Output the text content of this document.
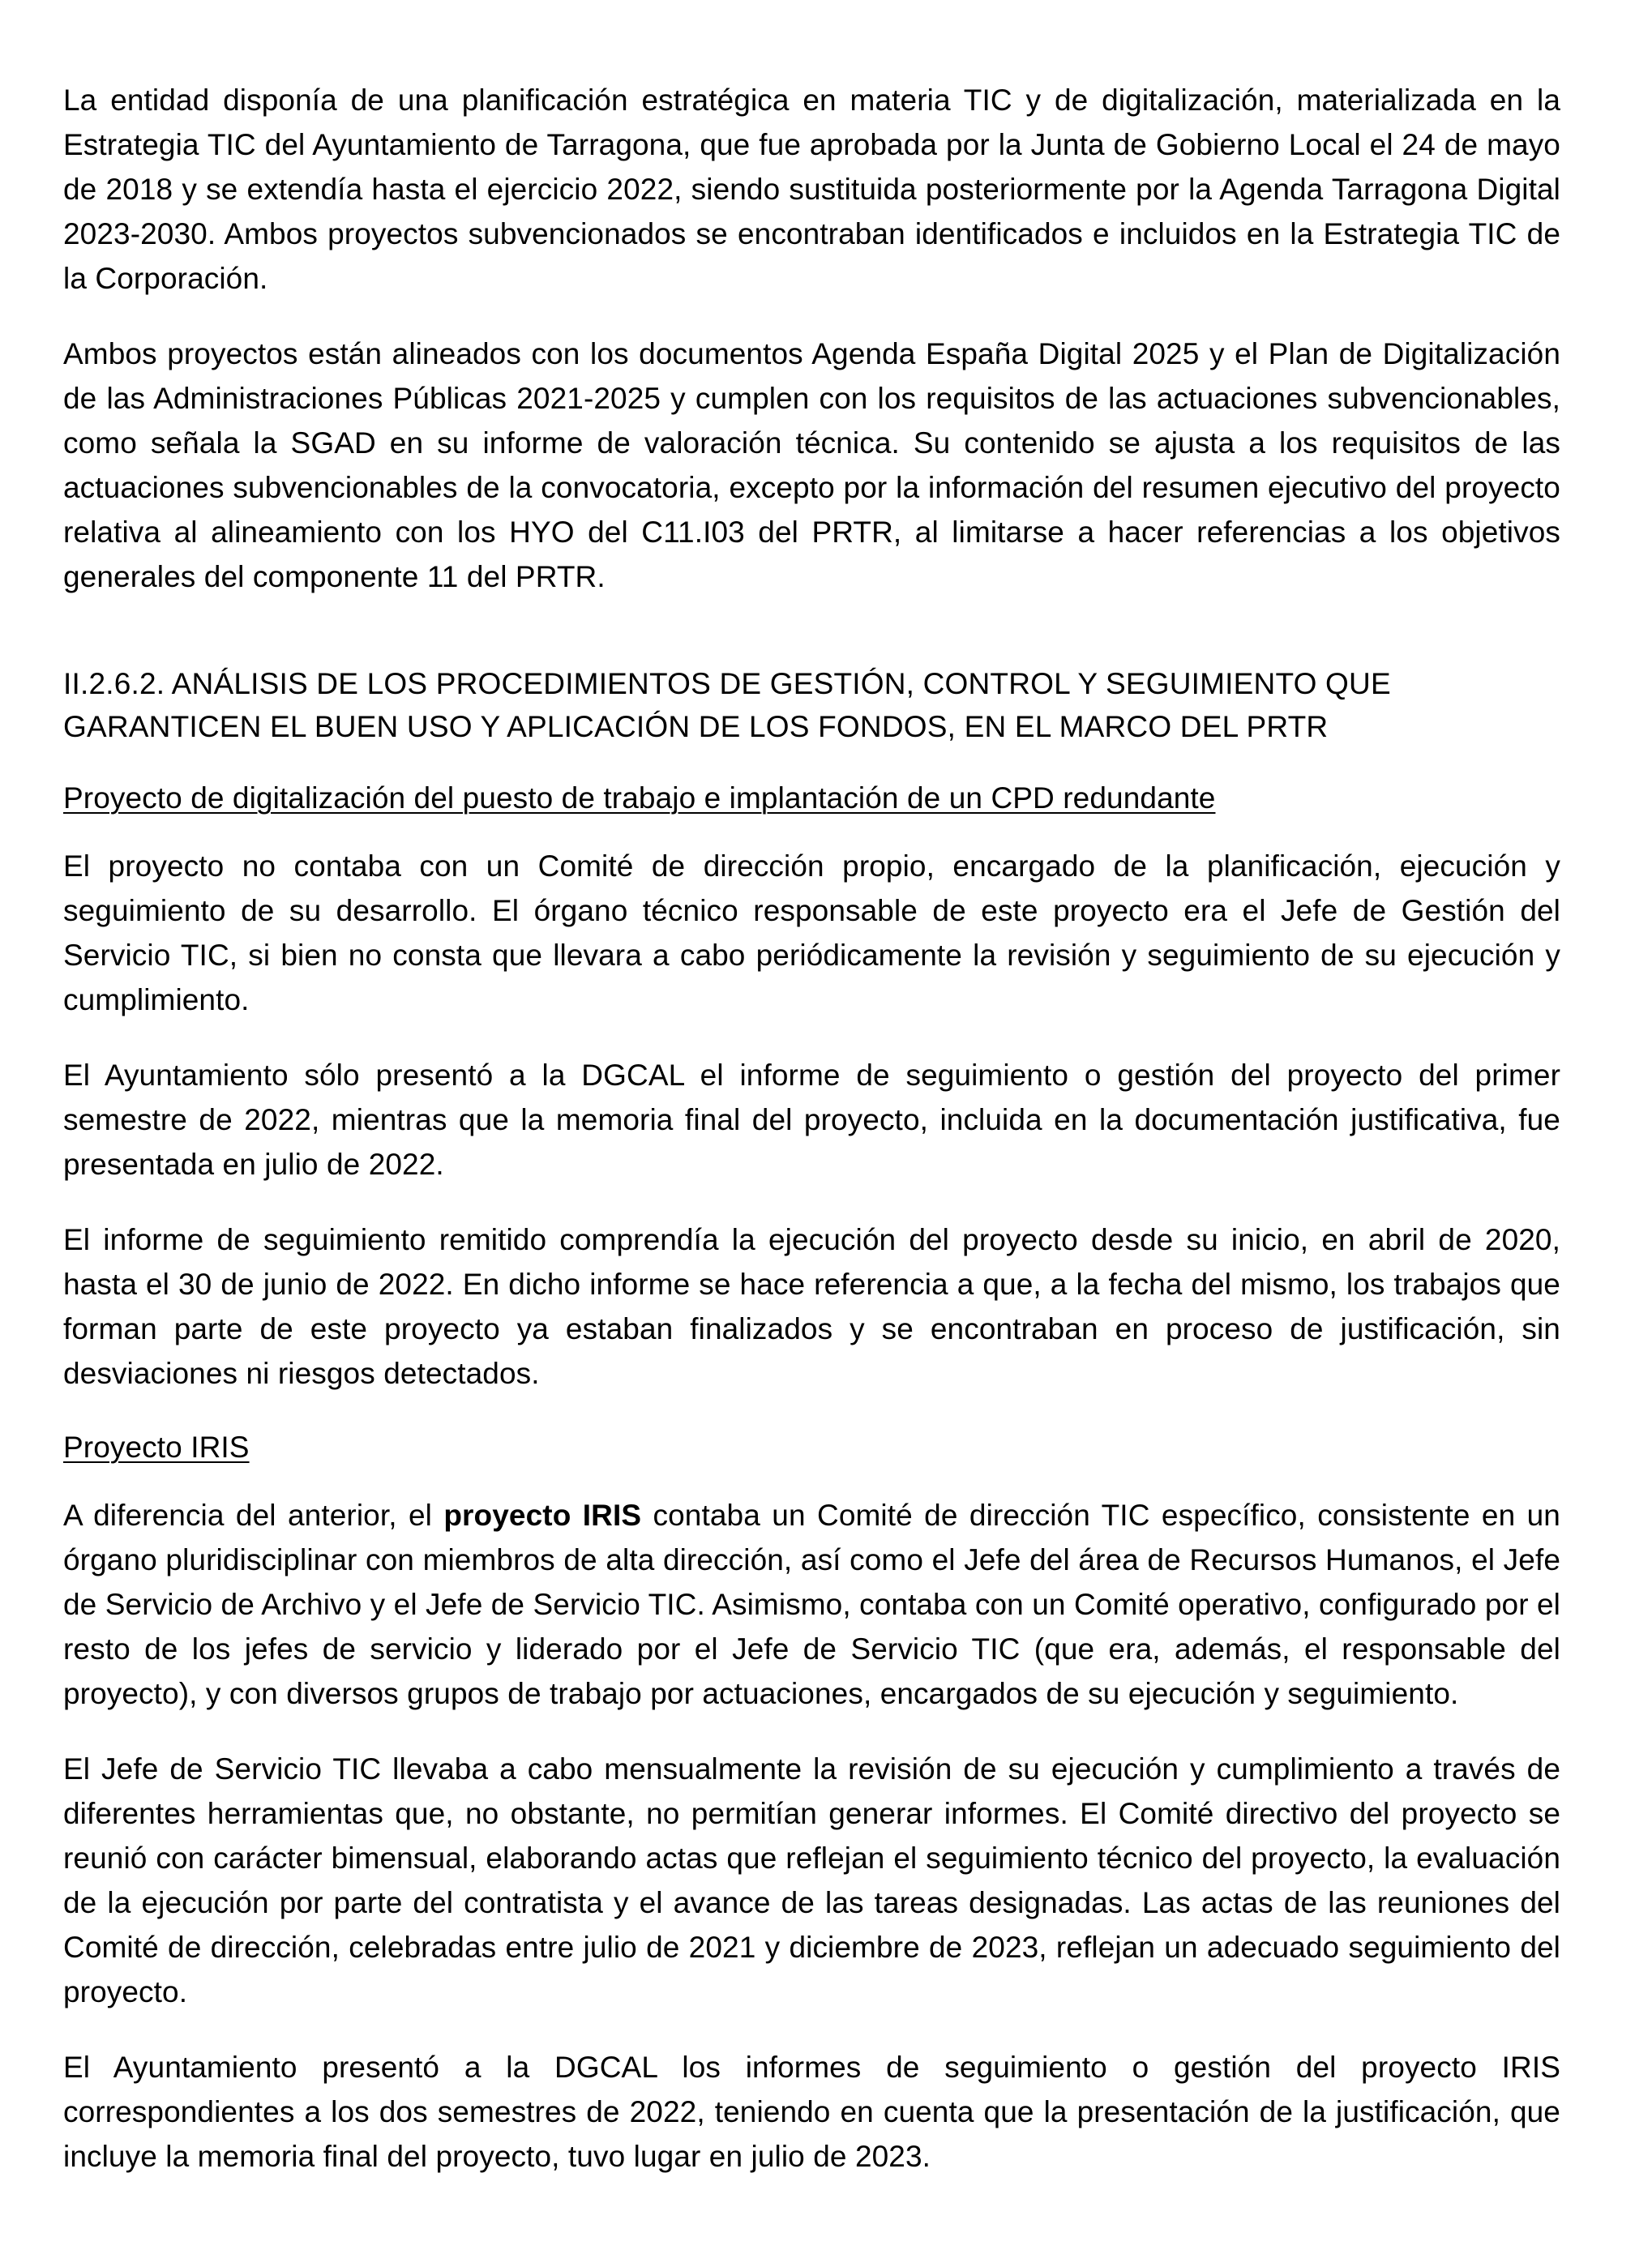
La entidad disponía de una planificación estratégica en materia TIC y de digitalización, materializada en la Estrategia TIC del Ayuntamiento de Tarragona, que fue aprobada por la Junta de Gobierno Local el 24 de mayo de 2018 y se extendía hasta el ejercicio 2022, siendo sustituida posteriormente por la Agenda Tarragona Digital 2023-2030. Ambos proyectos subvencionados se encontraban identificados e incluidos en la Estrategia TIC de la Corporación.

Ambos proyectos están alineados con los documentos Agenda España Digital 2025 y el Plan de Digitalización de las Administraciones Públicas 2021-2025 y cumplen con los requisitos de las actuaciones subvencionables, como señala la SGAD en su informe de valoración técnica. Su contenido se ajusta a los requisitos de las actuaciones subvencionables de la convocatoria, excepto por la información del resumen ejecutivo del proyecto relativa al alineamiento con los HYO del C11.I03 del PRTR, al limitarse a hacer referencias a los objetivos generales del componente 11 del PRTR.

II.2.6.2. ANÁLISIS DE LOS PROCEDIMIENTOS DE GESTIÓN, CONTROL Y SEGUIMIENTO QUE
GARANTICEN EL BUEN USO Y APLICACIÓN DE LOS FONDOS, EN EL MARCO DEL PRTR
Proyecto de digitalización del puesto de trabajo e implantación de un CPD redundante

El proyecto no contaba con un Comité de dirección propio, encargado de la planificación, ejecución y seguimiento de su desarrollo. El órgano técnico responsable de este proyecto era el Jefe de Gestión del Servicio TIC, si bien no consta que llevara a cabo periódicamente la revisión y seguimiento de su ejecución y cumplimiento.

El Ayuntamiento sólo presentó a la DGCAL el informe de seguimiento o gestión del proyecto del primer semestre de 2022, mientras que la memoria final del proyecto, incluida en la documentación justificativa, fue presentada en julio de 2022.

El informe de seguimiento remitido comprendía la ejecución del proyecto desde su inicio, en abril de 2020, hasta el 30 de junio de 2022. En dicho informe se hace referencia a que, a la fecha del mismo, los trabajos que forman parte de este proyecto ya estaban finalizados y se encontraban en proceso de justificación, sin desviaciones ni riesgos detectados.

Proyecto IRIS

A diferencia del anterior, el proyecto IRIS contaba un Comité de dirección TIC específico, consistente en un órgano pluridisciplinar con miembros de alta dirección, así como el Jefe del área de Recursos Humanos, el Jefe de Servicio de Archivo y el Jefe de Servicio TIC. Asimismo, contaba con un Comité operativo, configurado por el resto de los jefes de servicio y liderado por el Jefe de Servicio TIC (que era, además, el responsable del proyecto), y con diversos grupos de trabajo por actuaciones, encargados de su ejecución y seguimiento.

El Jefe de Servicio TIC llevaba a cabo mensualmente la revisión de su ejecución y cumplimiento a través de diferentes herramientas que, no obstante, no permitían generar informes. El Comité directivo del proyecto se reunió con carácter bimensual, elaborando actas que reflejan el seguimiento técnico del proyecto, la evaluación de la ejecución por parte del contratista y el avance de las tareas designadas. Las actas de las reuniones del Comité de dirección, celebradas entre julio de 2021 y diciembre de 2023, reflejan un adecuado seguimiento del proyecto.

El Ayuntamiento presentó a la DGCAL los informes de seguimiento o gestión del proyecto IRIS correspondientes a los dos semestres de 2022, teniendo en cuenta que la presentación de la justificación, que incluye la memoria final del proyecto, tuvo lugar en julio de 2023.
